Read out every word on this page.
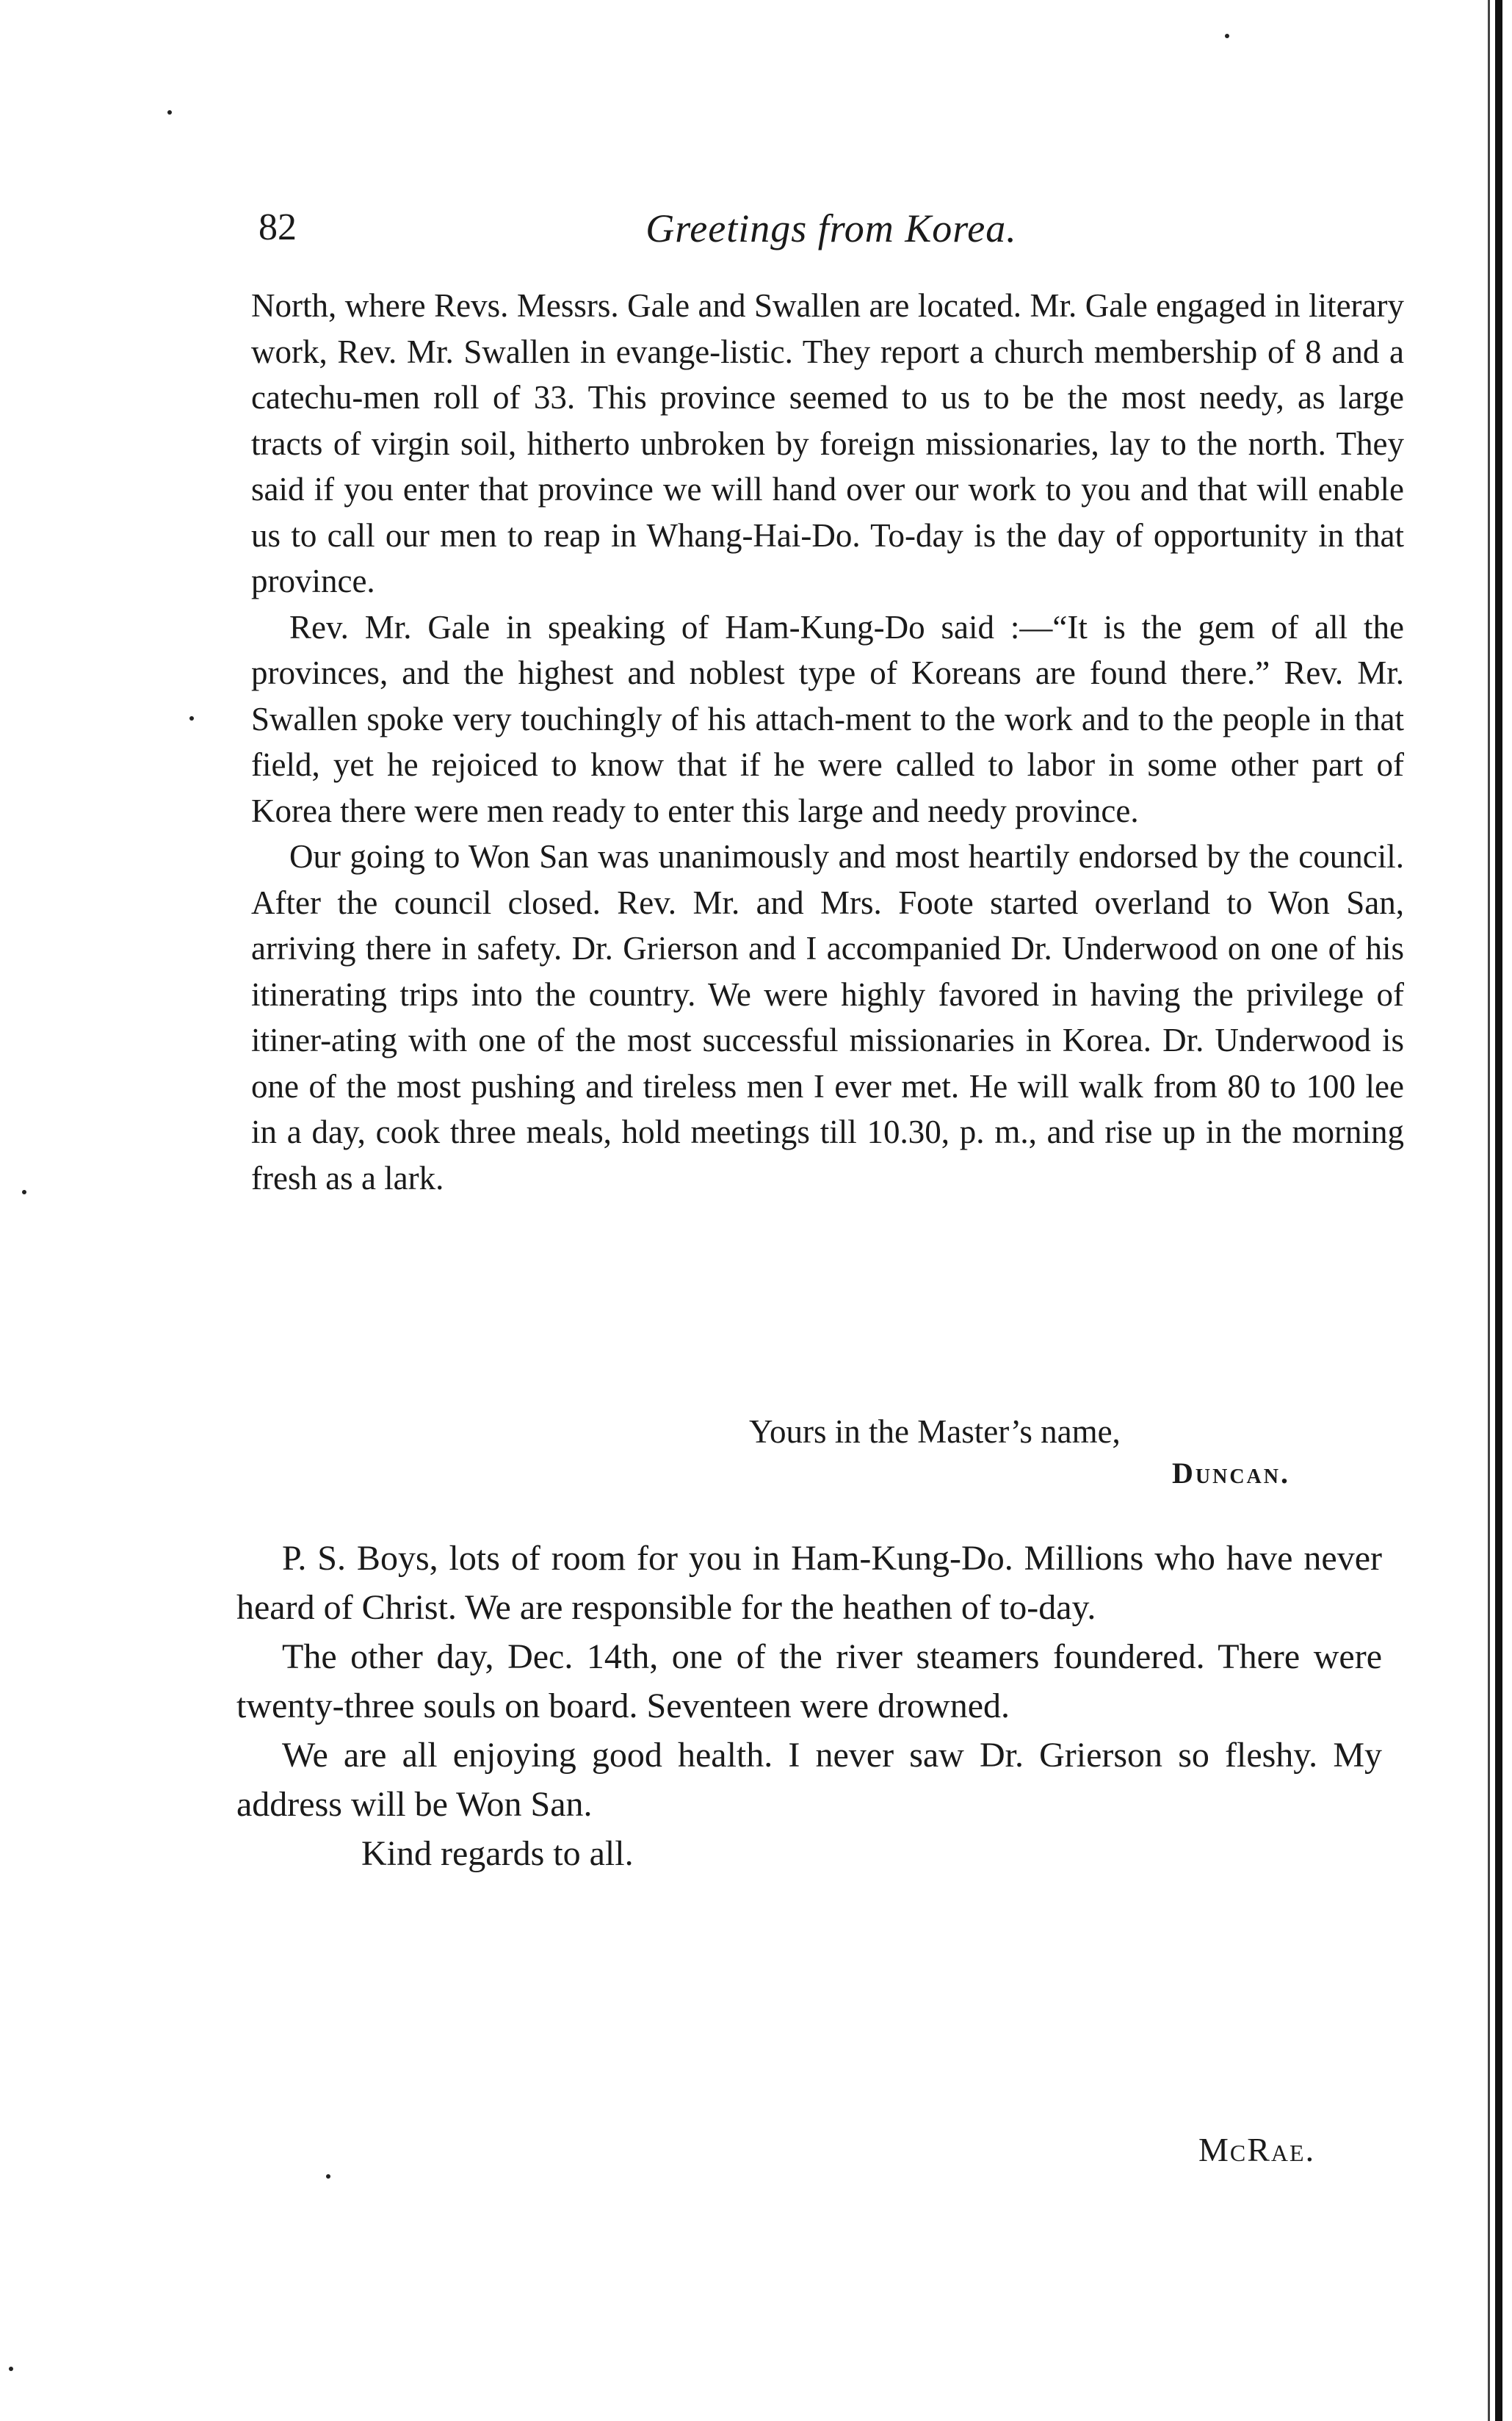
82	Greetings from Korea.

North, where Revs. Messrs. Gale and Swallen are located. Mr. Gale engaged in literary work, Rev. Mr. Swallen in evange-listic. They report a church membership of 8 and a catechu-men roll of 33. This province seemed to us to be the most needy, as large tracts of virgin soil, hitherto unbroken by foreign missionaries, lay to the north. They said if you enter that province we will hand over our work to you and that will enable us to call our men to reap in Whang-Hai-Do. To-day is the day of opportunity in that province.

Rev. Mr. Gale in speaking of Ham-Kung-Do said :—“It is the gem of all the provinces, and the highest and noblest type of Koreans are found there.” Rev. Mr. Swallen spoke very touchingly of his attach-ment to the work and to the people in that field, yet he rejoiced to know that if he were called to labor in some other part of Korea there were men ready to enter this large and needy province.

Our going to Won San was unanimously and most heartily endorsed by the council. After the council closed. Rev. Mr. and Mrs. Foote started overland to Won San, arriving there in safety. Dr. Grierson and I accompanied Dr. Underwood on one of his itinerating trips into the country. We were highly favored in having the privilege of itiner-ating with one of the most successful missionaries in Korea. Dr. Underwood is one of the most pushing and tireless men I ever met. He will walk from 80 to 100 lee in a day, cook three meals, hold meetings till 10.30, p. m., and rise up in the morning fresh as a lark.

Yours in the Master’s name,
Duncan.

P. S. Boys, lots of room for you in Ham-Kung-Do. Millions who have never heard of Christ. We are responsible for the heathen of to-day.

The other day, Dec. 14th, one of the river steamers foundered. There were twenty-three souls on board. Seventeen were drowned.

We are all enjoying good health. I never saw Dr. Grierson so fleshy. My address will be Won San.

Kind regards to all.

McRae.
